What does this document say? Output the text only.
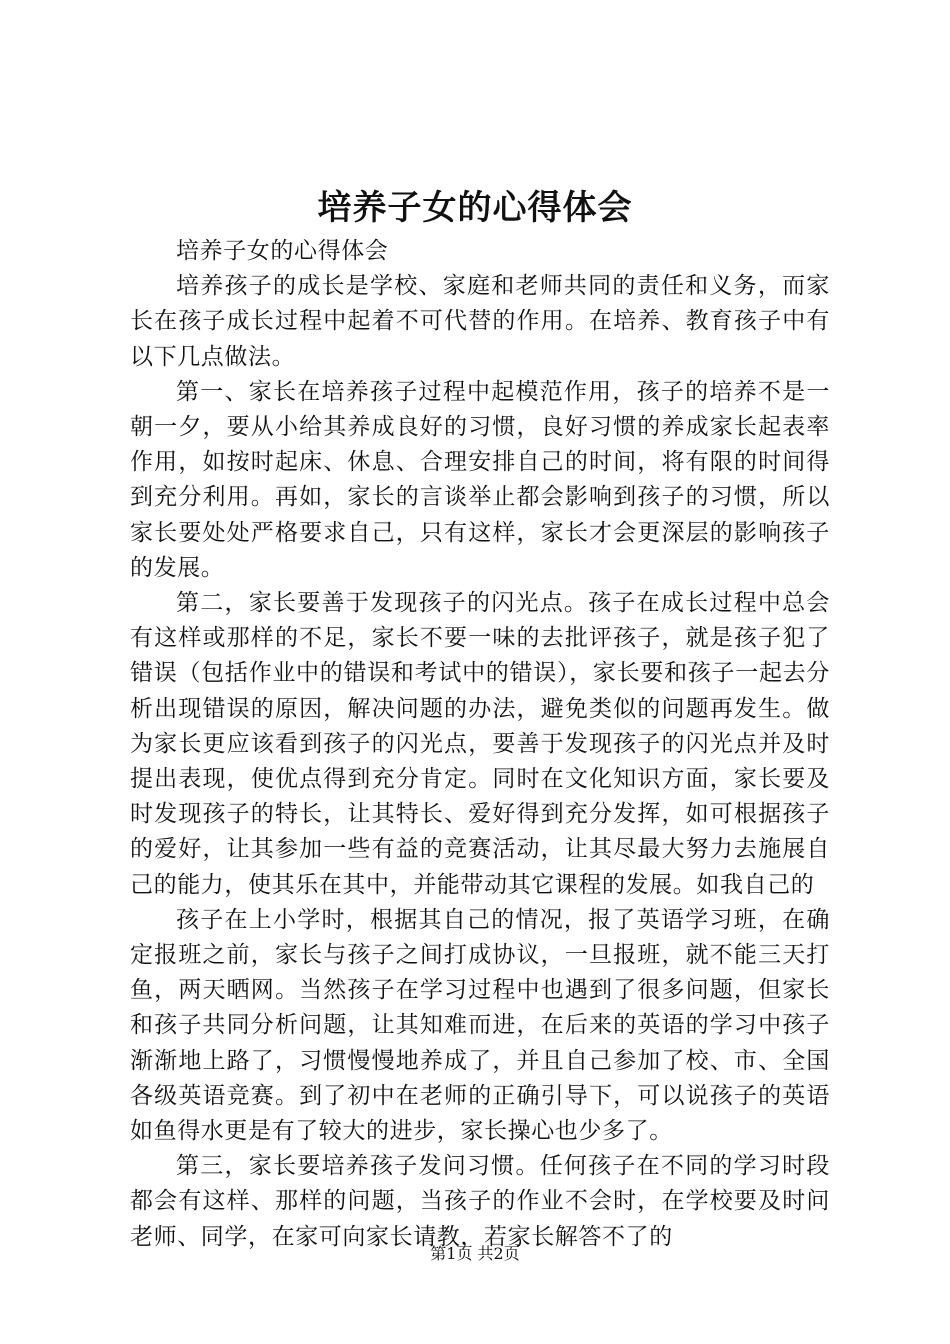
培养子女的心得体会

培养子女的心得体会

培养孩子的成长是学校、家庭和老师共同的责任和义务，而家长在孩子成长过程中起着不可代替的作用。在培养、教育孩子中有以下几点做法。

第一、家长在培养孩子过程中起模范作用，孩子的培养不是一朝一夕，要从小给其养成良好的习惯，良好习惯的养成家长起表率作用，如按时起床、休息、合理安排自己的时间，将有限的时间得到充分利用。再如，家长的言谈举止都会影响到孩子的习惯，所以家长要处处严格要求自己，只有这样，家长才会更深层的影响孩子的发展。

第二，家长要善于发现孩子的闪光点。孩子在成长过程中总会有这样或那样的不足，家长不要一味的去批评孩子，就是孩子犯了错误（包括作业中的错误和考试中的错误），家长要和孩子一起去分析出现错误的原因，解决问题的办法，避免类似的问题再发生。做为家长更应该看到孩子的闪光点，要善于发现孩子的闪光点并及时提出表现，使优点得到充分肯定。同时在文化知识方面，家长要及时发现孩子的特长，让其特长、爱好得到充分发挥，如可根据孩子的爱好，让其参加一些有益的竞赛活动，让其尽最大努力去施展自己的能力，使其乐在其中，并能带动其它课程的发展。如我自己的

孩子在上小学时，根据其自己的情况，报了英语学习班，在确定报班之前，家长与孩子之间打成协议，一旦报班，就不能三天打鱼，两天晒网。当然孩子在学习过程中也遇到了很多问题，但家长和孩子共同分析问题，让其知难而进，在后来的英语的学习中孩子渐渐地上路了，习惯慢慢地养成了，并且自己参加了校、市、全国各级英语竞赛。到了初中在老师的正确引导下，可以说孩子的英语如鱼得水更是有了较大的进步，家长操心也少多了。

第三，家长要培养孩子发问习惯。任何孩子在不同的学习时段都会有这样、那样的问题，当孩子的作业不会时，在学校要及时问老师、同学，在家可向家长请教，若家长解答不了的

第1页 共2页
